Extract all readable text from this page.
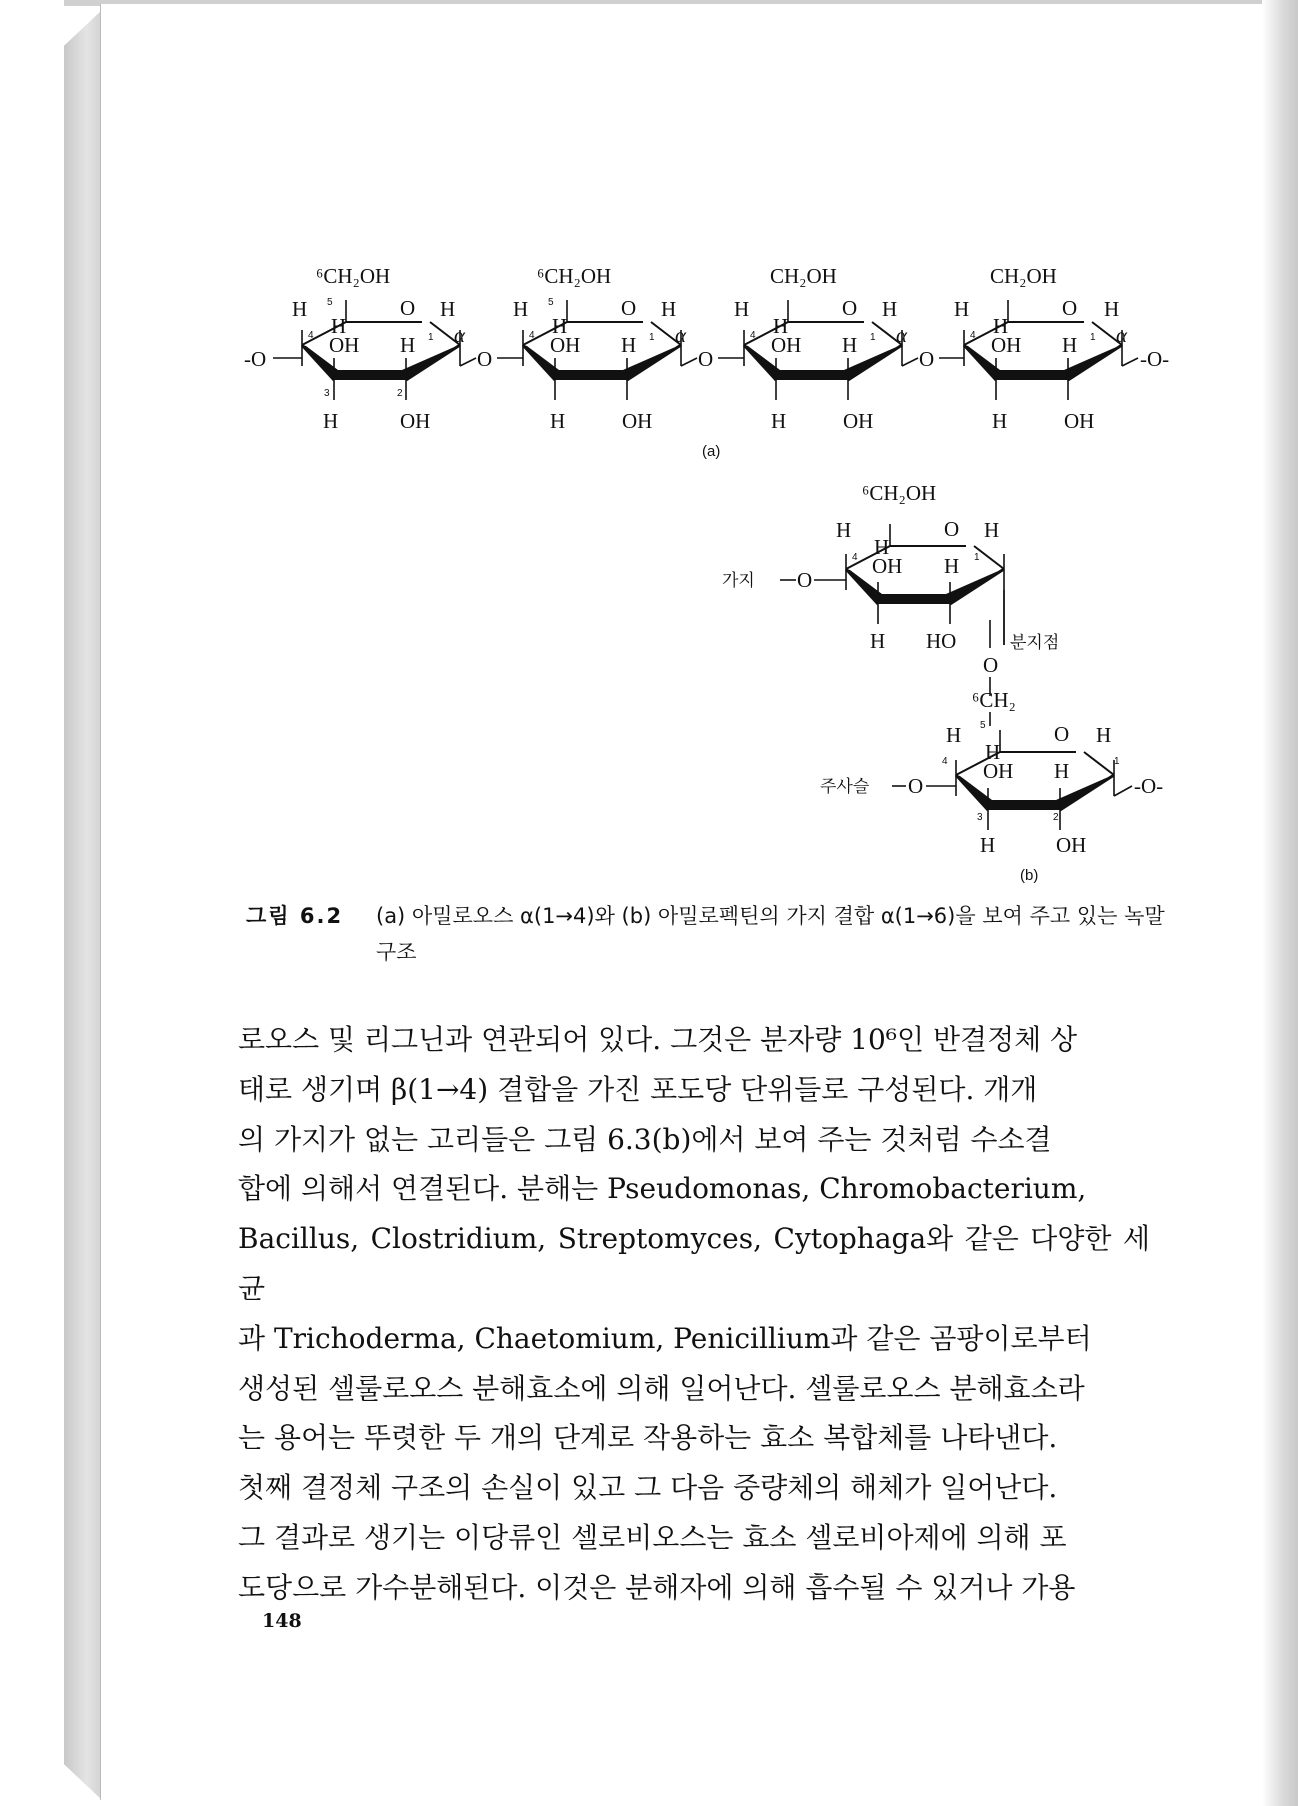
-O	-O-
O	O	O
⁶CH₂OH
H	O H
H
OH H
H	OH
α
5
4	1
3	2
⁶CH₂OH
H	O H
H
OH H
H	OH
α
5
4	1
CH₂OH
H	O H
H
OH H
H	OH
α
4	1
CH₂OH
H	O H
H
OH H
H	OH
α
4	1
(a)
⁶CH₂OH
H	O H
H
OH H
H HO
4	1
가지 O
분지점
O
⁶CH₂
H	O H
H
OH H
H	OH
5
4	1
3	2
주사슬 O	-O-
(b)
그림 6.2 (a) 아밀로오스 α(1→4)와 (b) 아밀로펙틴의 가지 결합 α(1→6)을 보여 주고 있는 녹말 구조

로오스 및 리그닌과 연관되어 있다. 그것은 분자량 10⁶인 반결정체 상

태로 생기며 β(1→4) 결합을 가진 포도당 단위들로 구성된다. 개개

의 가지가 없는 고리들은 그림 6.3(b)에서 보여 주는 것처럼 수소결

합에 의해서 연결된다. 분해는 Pseudomonas, Chromobacterium,

Bacillus, Clostridium, Streptomyces, Cytophaga와 같은 다양한 세균

과 Trichoderma, Chaetomium, Penicillium과 같은 곰팡이로부터

생성된 셀룰로오스 분해효소에 의해 일어난다. 셀룰로오스 분해효소라

는 용어는 뚜렷한 두 개의 단계로 작용하는 효소 복합체를 나타낸다.

첫째 결정체 구조의 손실이 있고 그 다음 중량체의 해체가 일어난다.

그 결과로 생기는 이당류인 셀로비오스는 효소 셀로비아제에 의해 포

도당으로 가수분해된다. 이것은 분해자에 의해 흡수될 수 있거나 가용

148
